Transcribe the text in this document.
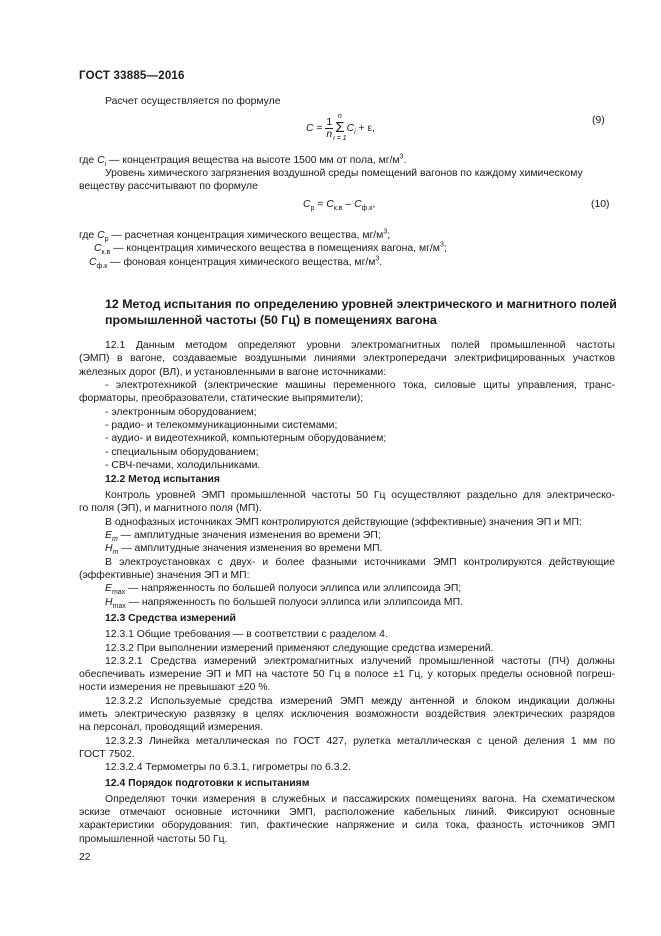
ГОСТ 33885—2016
Расчет осуществляется по формуле
$C = \frac{1}{n}$ n
Σ
$i = 1C_i + \varepsilon$,
(9)
где $C_i$ — концентрация вещества на высоте 1500 мм от пола, $мг/м^3$.
Уровень химического загрязнения воздушной среды помещений вагонов по каждому химическому
веществу рассчитывают по формуле
$C_р = C_{к.в} - C_{ф.к}$,	(10)
где $C_р$ — расчетная концентрация химического вещества, $мг/м^3$;
$C_{к.в}$ — концентрация химического вещества в помещениях вагона, $мг/м^3$;
$C_{ф.к}$ — фоновая концентрация химического вещества, $мг/м^3$.
12 Метод испытания по определению уровней электрического и магнитного полей промышленной частоты (50 Гц) в помещениях вагона
12.1 Данным методом определяют уровни электромагнитных полей промышленной частоты
(ЭМП) в вагоне, создаваемые воздушными линиями электропередачи электрифицированных участков
железных дорог (ВЛ), и установленными в вагоне источниками:
- электротехникой (электрические машины переменного тока, силовые щиты управления, транс-
форматоры, преобразователи, статические выпрямители);
- электронным оборудованием;
- радио- и телекоммуникационными системами;
- аудио- и видеотехникой, компьютерным оборудованием;
- специальным оборудованием;
- СВЧ-печами, холодильниками.
12.2 Метод испытания
Контроль уровней ЭМП промышленной частоты 50 Гц осуществляют раздельно для электрическо-
го поля (ЭП), и магнитного поля (МП).
В однофазных источниках ЭМП контролируются действующие (эффективные) значения ЭП и МП:
$E_m$ — амплитудные значения изменения во времени ЭП;
$H_m$ — амплитудные значения изменения во времени МП.
В электроустановках с двух- и более фазными источниками ЭМП контролируются действующие
(эффективные) значения ЭП и МП:
$E_{max}$ — напряженность по большей полуоси эллипса или эллипсоида ЭП;
$H_{max}$ — напряженность по большей полуоси эллипса или эллипсоида МП.
12.3 Средства измерений
12.3.1 Общие требования — в соответствии с разделом 4.
12.3.2 При выполнении измерений применяют следующие средства измерений.
12.3.2.1 Средства измерений электромагнитных излучений промышленной частоты (ПЧ) должны
обеспечивать измерение ЭП и МП на частоте 50 Гц в полосе ±1 Гц, у которых пределы основной погреш-
ности измерения не превышают ±20 %.
12.3.2.2 Используемые средства измерений ЭМП между антенной и блоком индикации должны
иметь электрическую развязку в целях исключения возможности воздействия электрических разрядов
на персонал, проводящий измерения.
12.3.2.3 Линейка металлическая по ГОСТ 427, рулетка металлическая с ценой деления 1 мм по
ГОСТ 7502.
12.3.2.4 Термометры по 6.3.1, гигрометры по 6.3.2.
12.4 Порядок подготовки к испытаниям
Определяют точки измерения в служебных и пассажирских помещениях вагона. На схематическом
эскизе отмечают основные источники ЭМП, расположение кабельных линий. Фиксируют основные
характеристики оборудования: тип, фактические напряжение и сила тока, фазность источников ЭМП
промышленной частоты 50 Гц.
22
